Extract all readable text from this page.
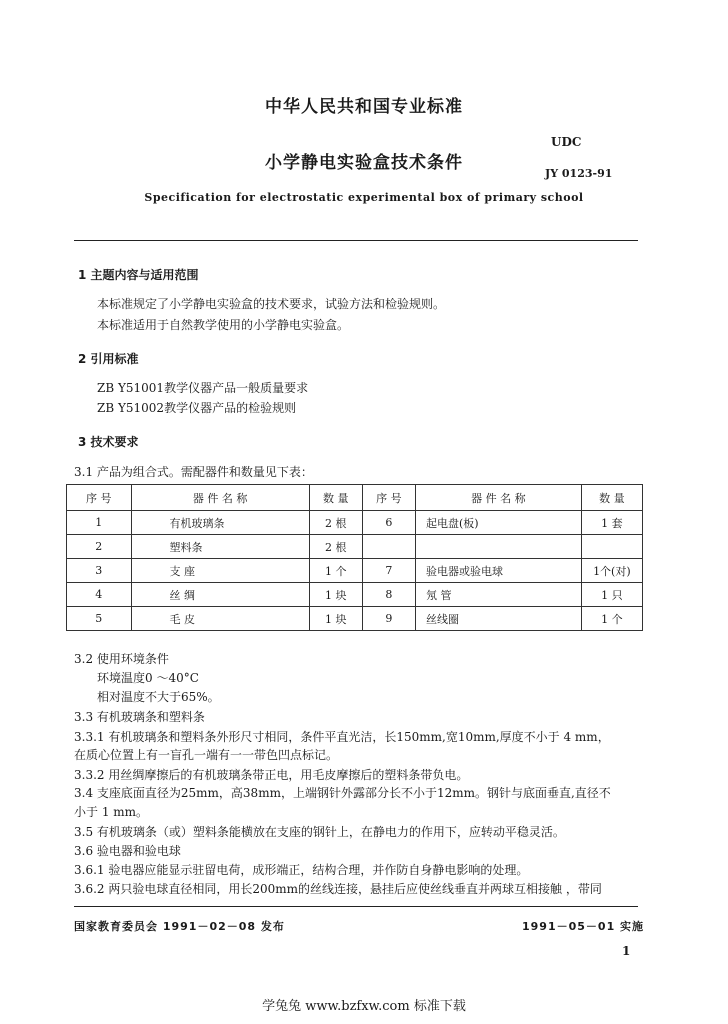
中华人民共和国专业标准
UDC
小学静电实验盒技术条件
JY 0123-91
Specification for electrostatic experimental box of primary school
1 主题内容与适用范围
本标准规定了小学静电实验盒的技术要求，试验方法和检验规则。
本标准适用于自然教学使用的小学静电实验盒。
2 引用标准
ZB Y51001教学仪器产品一般质量要求
ZB Y51002教学仪器产品的检验规则
3 技术要求
3.1 产品为组合式。需配器件和数量见下表：
序 号	器 件 名 称	数 量	序 号	器 件 名 称	数 量
1	有机玻璃条	2 根	6	起电盘(板)	1 套
2	塑料条	2 根			
3	支 座	1 个	7	验电器或验电球	1个(对)
4	丝 绸	1 块	8	氖 管	1 只
5	毛 皮	1 块	9	丝线圈	1 个
3.2 使用环境条件
环境温度0 ～40°C
相对温度不大于65%。
3.3 有机玻璃条和塑料条
3.3.1 有机玻璃条和塑料条外形尺寸相同，条件平直光洁，长150mm,宽10mm,厚度不小于 4 mm，
在质心位置上有一盲孔一端有一一带色凹点标记。
3.3.2 用丝绸摩擦后的有机玻璃条带正电，用毛皮摩擦后的塑料条带负电。
3.4 支座底面直径为25mm，高38mm，上端钢针外露部分长不小于12mm。钢针与底面垂直,直径不
小于 1 mm。
3.5 有机玻璃条（或）塑料条能横放在支座的钢针上，在静电力的作用下，应转动平稳灵活。
3.6 验电器和验电球
3.6.1 验电器应能显示驻留电荷，成形端正，结构合理，并作防自身静电影响的处理。
3.6.2 两只验电球直径相同，用长200mm的丝线连接，悬挂后应使丝线垂直并两球互相接触 ，带同
国家教育委员会 1991－02－08 发布	1991－05－01 实施
1
学兔兔 www.bzfxw.com 标准下载
